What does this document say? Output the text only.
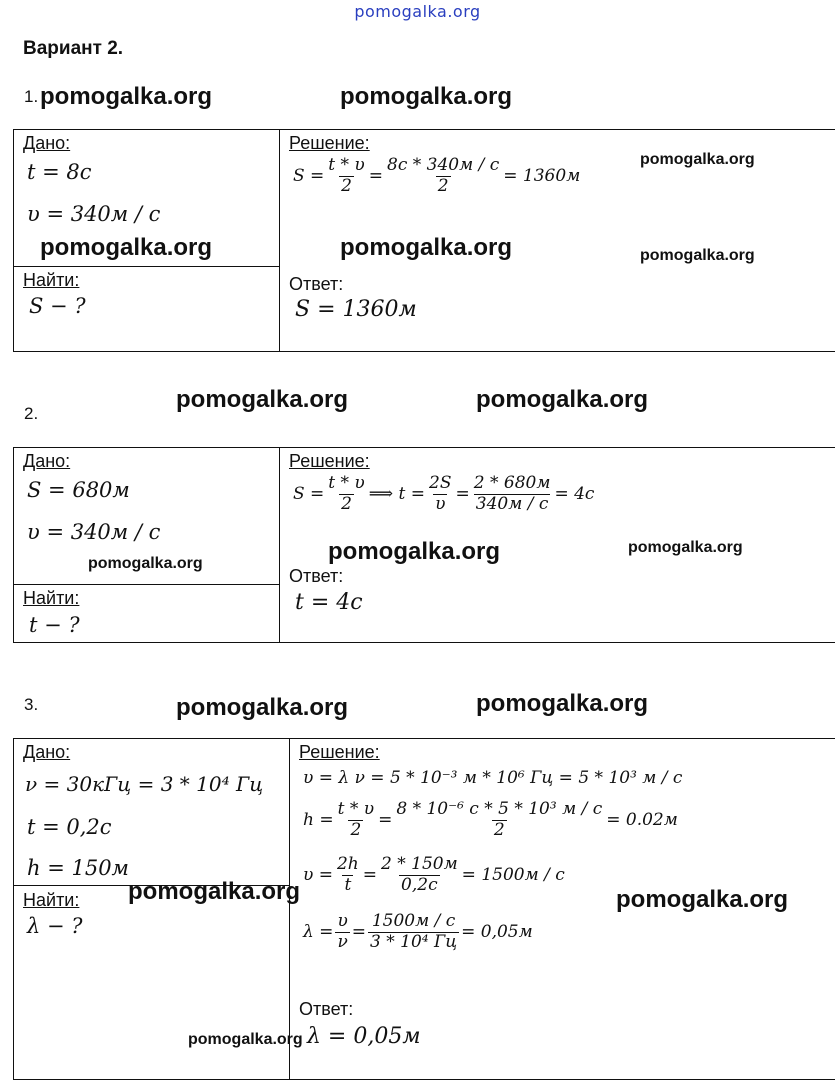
pomogalka.org
Вариант 2.
1. pomogalka.org	pomogalka.org
Дано:
t = 8c
υ = 340м / c
pomogalka.org
Найти:
S − ?
Решение:
pomogalka.org
$S = \frac{t * \upsilon}{2} = \frac{8c * 340м / c}{2} = 1360м$
pomogalka.org	pomogalka.org
Ответ:
S = 1360м
2.
pomogalka.org	pomogalka.org
Дано:
S = 680м
υ = 340м / c
pomogalka.org
Найти:
t − ?
Решение:
$S = \frac{t * \upsilon}{2}$ ⟹ $t = \frac{2S}{\upsilon} = \frac{2 * 680м}{340м / c} = 4c$
pomogalka.org	pomogalka.org
Ответ:
t = 4c
3.	pomogalka.org	pomogalka.org
Дано:
ν = 30кГц = 3 * 10⁴ Гц
t = 0,2c
h = 150м
Найти: pomogalka.org
λ − ?
Решение:
υ = λ ν = 5 * 10⁻³ м * 10⁶ Гц = 5 * 10³ м / c
$h = \frac{t * \upsilon}{2} = \frac{\text{8 * 10⁻⁶ c * 5 * 10³ м / c}}{2} = 0.02м$
$\upsilon = \frac{2h}{t} = \frac{2 * 150м}{0,2c} = 1500м / c$
pomogalka.org
$\lambda = \frac{\upsilon}{\nu} = \frac{1500м / c}{\text{3 * 10⁴ Гц}} = 0,05м$
Ответ:
pomogalka.org λ = 0,05м
